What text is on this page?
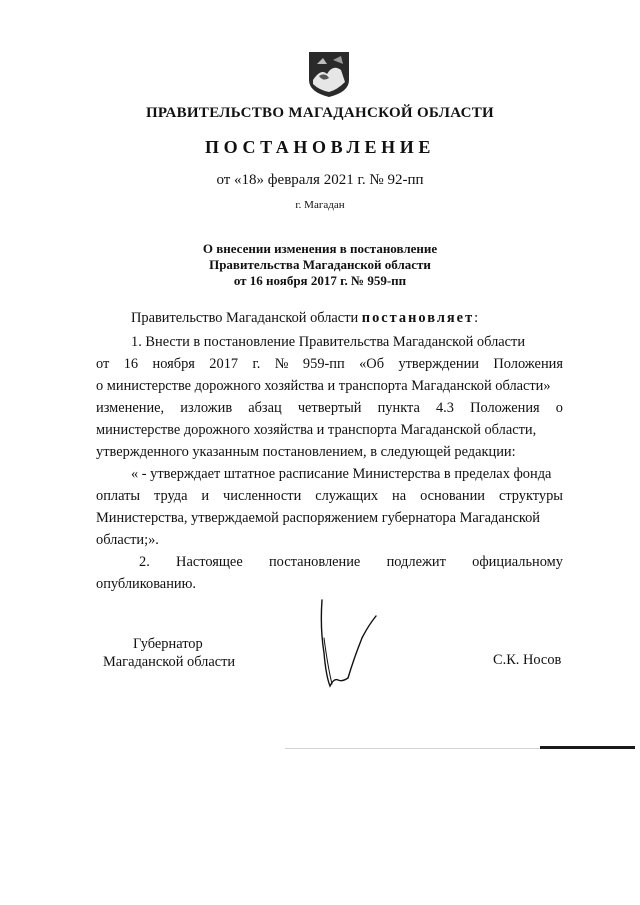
ПРАВИТЕЛЬСТВО МАГАДАНСКОЙ ОБЛАСТИ
ПОСТАНОВЛЕНИЕ
от «18» февраля 2021 г. № 92-пп
г. Магадан
О внесении изменения в постановление
Правительства Магаданской области
от 16 ноября 2017 г. № 959-пп
Правительство Магаданской области постановляет:
1. Внести в постановление Правительства Магаданской области
от 16 ноября 2017 г. № 959-пп «Об утверждении Положения
о министерстве дорожного хозяйства и транспорта Магаданской области»
изменение, изложив абзац четвертый пункта 4.3 Положения о
министерстве дорожного хозяйства и транспорта Магаданской области,
утвержденного указанным постановлением, в следующей редакции:
« - утверждает штатное расписание Министерства в пределах фонда
оплаты труда и численности служащих на основании структуры
Министерства, утверждаемой распоряжением губернатора Магаданской
области;».
2. Настоящее постановление подлежит официальному
опубликованию.
Губернатор
Магаданской области	С.К. Носов
